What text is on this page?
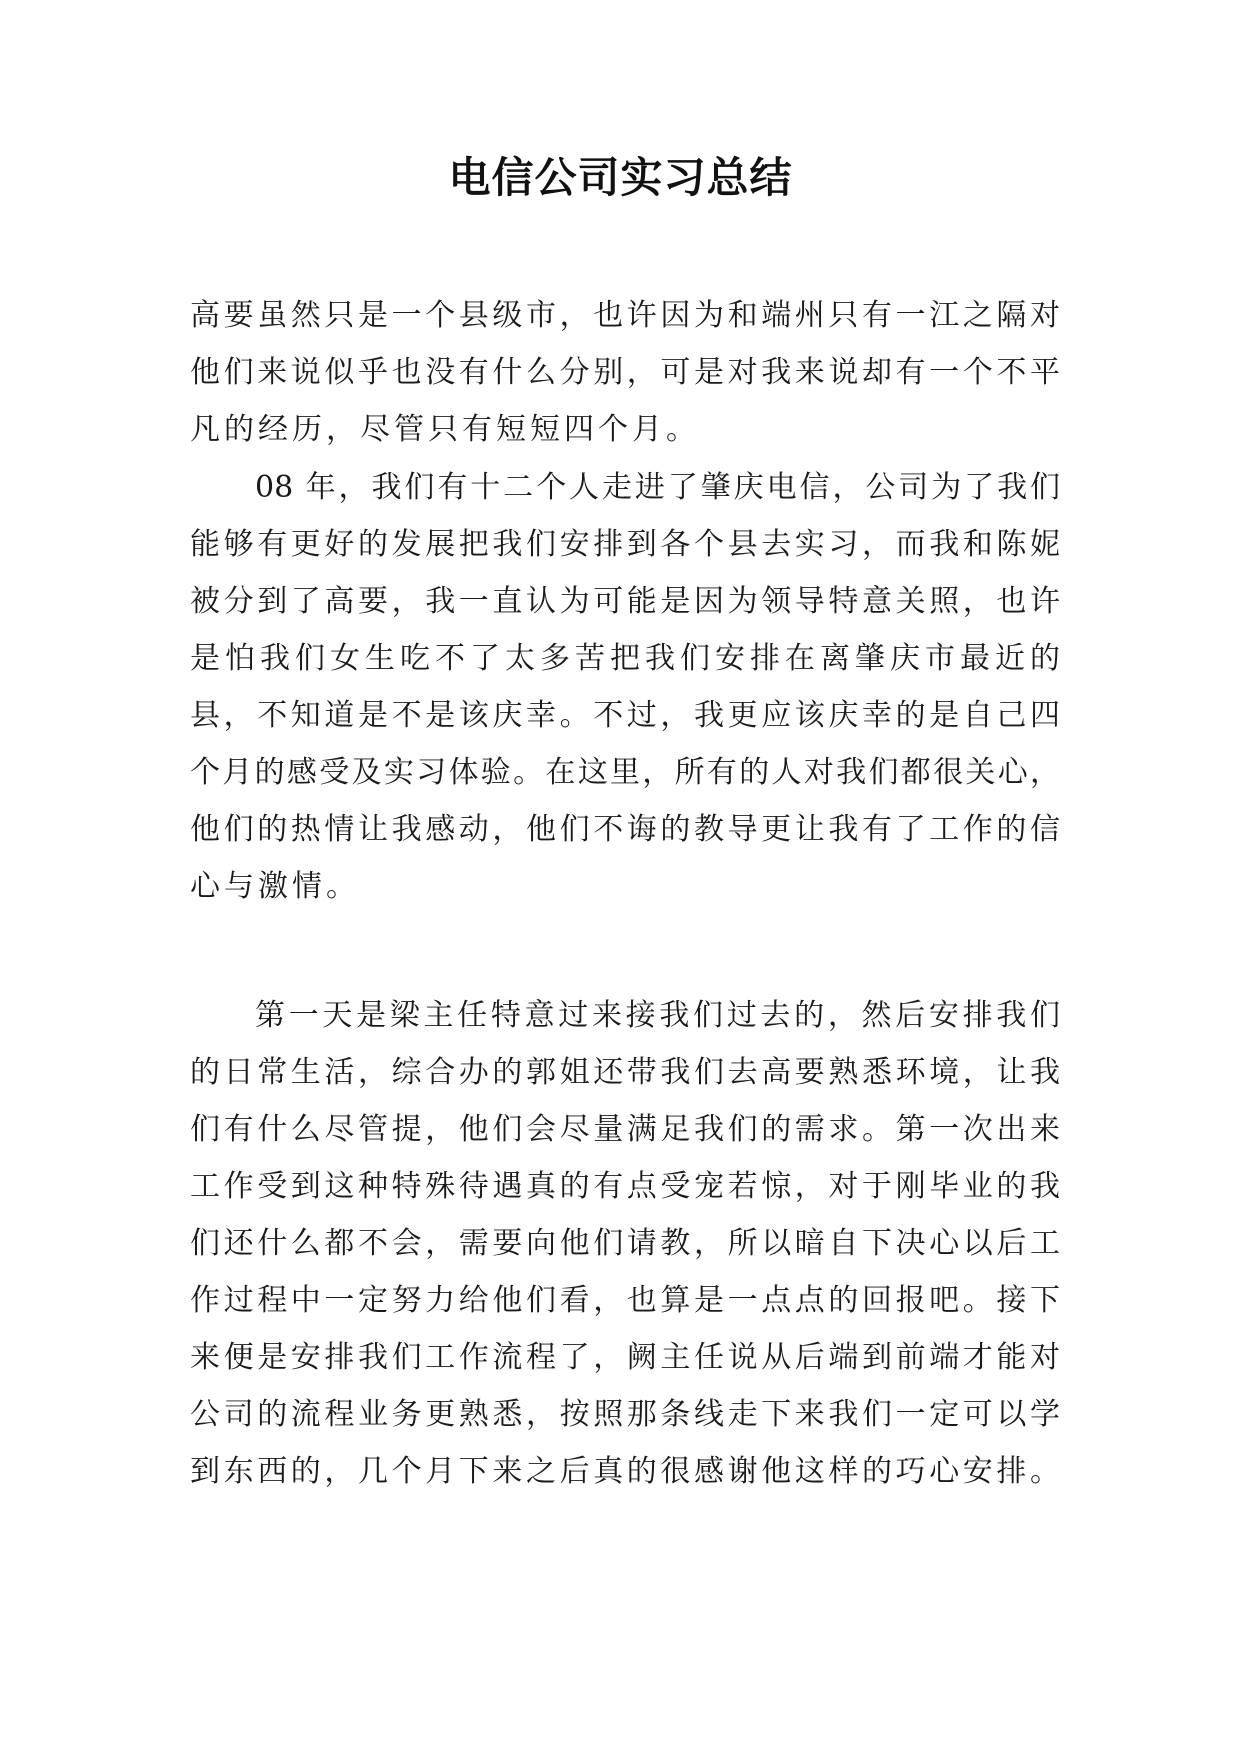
电信公司实习总结
高要虽然只是一个县级市，也许因为和端州只有一江之隔对
他们来说似乎也没有什么分别，可是对我来说却有一个不平
凡的经历，尽管只有短短四个月。
08 年，我们有十二个人走进了肇庆电信，公司为了我们
能够有更好的发展把我们安排到各个县去实习，而我和陈妮
被分到了高要，我一直认为可能是因为领导特意关照，也许
是怕我们女生吃不了太多苦把我们安排在离肇庆市最近的
县，不知道是不是该庆幸。不过，我更应该庆幸的是自己四
个月的感受及实习体验。在这里，所有的人对我们都很关心，
他们的热情让我感动，他们不诲的教导更让我有了工作的信
心与激情。
第一天是梁主任特意过来接我们过去的，然后安排我们
的日常生活，综合办的郭姐还带我们去高要熟悉环境，让我
们有什么尽管提，他们会尽量满足我们的需求。第一次出来
工作受到这种特殊待遇真的有点受宠若惊，对于刚毕业的我
们还什么都不会，需要向他们请教，所以暗自下决心以后工
作过程中一定努力给他们看，也算是一点点的回报吧。接下
来便是安排我们工作流程了，阙主任说从后端到前端才能对
公司的流程业务更熟悉，按照那条线走下来我们一定可以学
到东西的，几个月下来之后真的很感谢他这样的巧心安排。
